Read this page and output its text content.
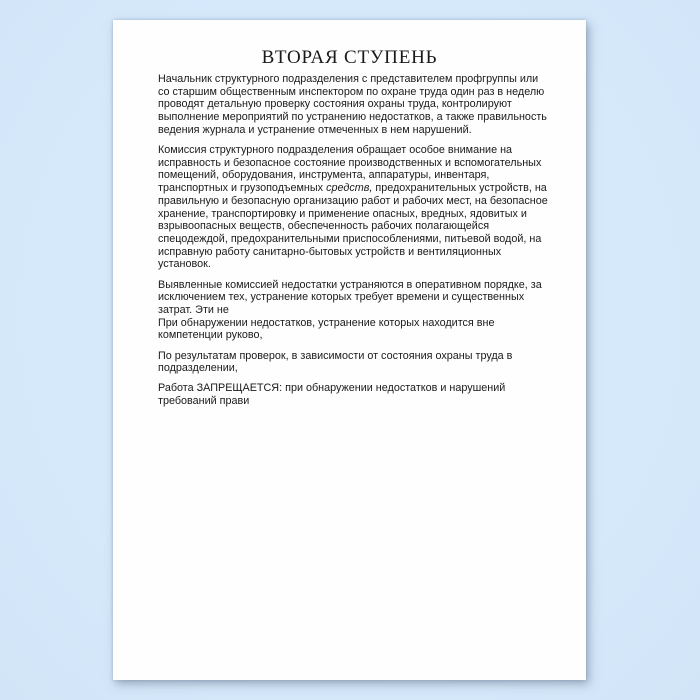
ВТОРАЯ СТУПЕНЬ

Начальник структурного подразделения с представителем профгруппы или со старшим общественным инспектором по охране труда один раз в неделю проводят детальную проверку состояния охраны труда, контролируют выполнение мероприятий по устранению недостатков, а также правильность ведения журнала и устранение отмеченных в нем нарушений.

Комиссия структурного подразделения обращает особое внимание на исправность и безопасное состояние производственных и вспомогательных помещений, оборудования, инструмента, аппаратуры, инвентаря, транспортных и грузоподъемных средств, предохранительных устройств, на правильную и безопасную организацию работ и рабочих мест, на безопасное хранение, транспортировку и применение опасных, вредных, ядовитых и взрывоопасных веществ, обеспеченность рабочих полагающейся спецодеждой, предохранительными приспособлениями, питьевой водой, на исправную работу санитарно-бытовых устройств и вентиляционных установок.

Выявленные комиссией недостатки устраняются в оперативном порядке, за исключением тех, устранение которых требует времени и существенных затрат. Эти не

При обнаружении недостатков, устранение которых находится вне компетенции руково,

По результатам проверок, в зависимости от состояния охраны труда в подразделении,

Работа ЗАПРЕЩАЕТСЯ: при обнаружении недостатков и нарушений требований прави
